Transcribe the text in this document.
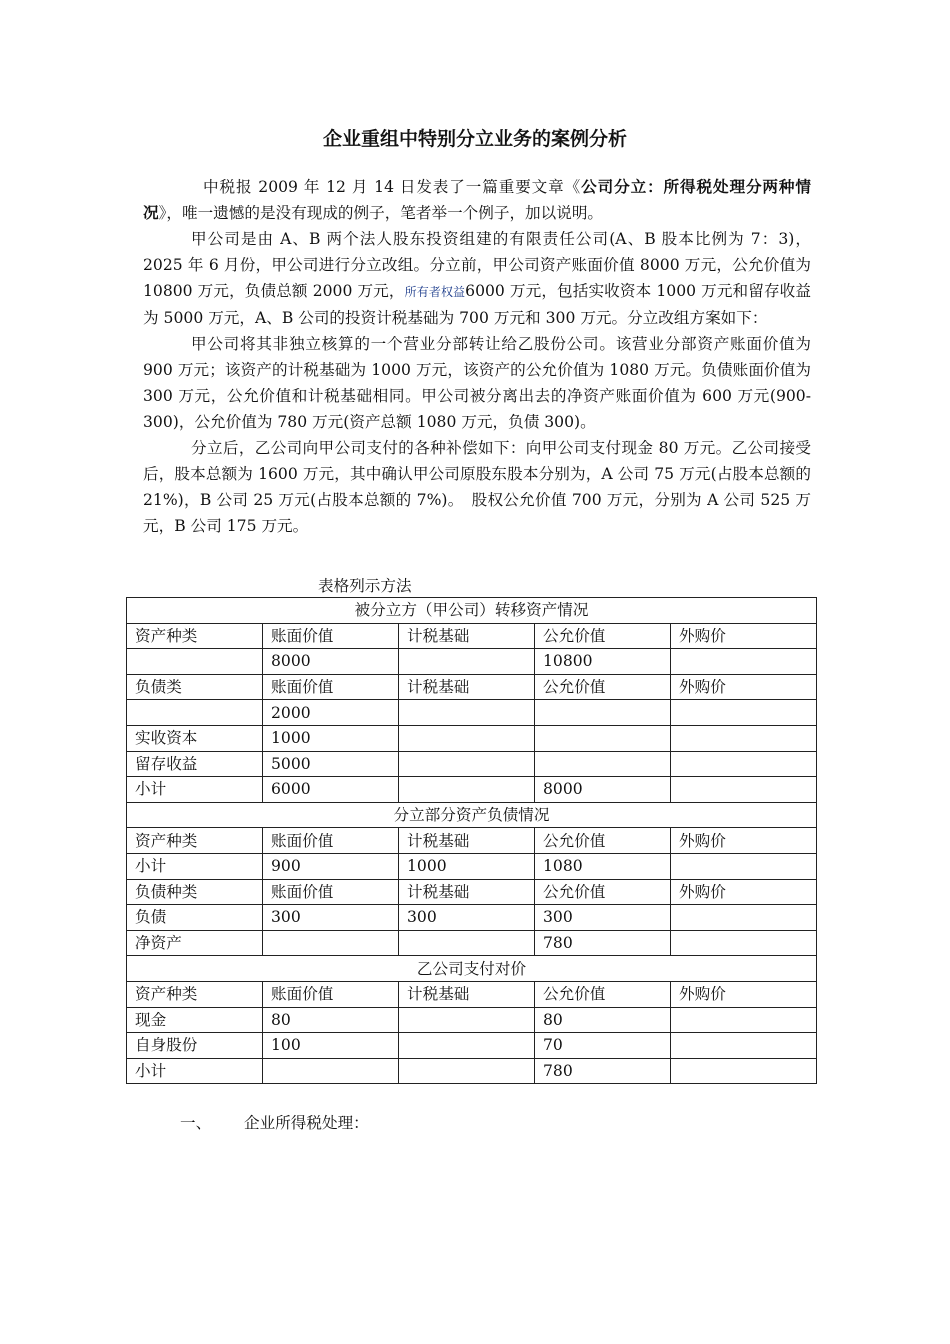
企业重组中特别分立业务的案例分析

中税报 2009 年 12 月 14 日发表了一篇重要文章《公司分立：所得税处理分两种情况》，唯一遗憾的是没有现成的例子，笔者举一个例子，加以说明。

甲公司是由 A、B 两个法人股东投资组建的有限责任公司(A、B 股本比例为 7：3)，2025 年 6 月份，甲公司进行分立改组。分立前，甲公司资产账面价值 8000 万元，公允价值为 10800 万元，负债总额 2000 万元，所有者权益6000 万元，包括实收资本 1000 万元和留存收益为 5000 万元，A、B 公司的投资计税基础为 700 万元和 300 万元。分立改组方案如下：

甲公司将其非独立核算的一个营业分部转让给乙股份公司。该营业分部资产账面价值为 900 万元；该资产的计税基础为 1000 万元，该资产的公允价值为 1080 万元。负债账面价值为 300 万元，公允价值和计税基础相同。甲公司被分离出去的净资产账面价值为 600 万元(900-300)，公允价值为 780 万元(资产总额 1080 万元，负债 300)。

分立后，乙公司向甲公司支付的各种补偿如下：向甲公司支付现金 80 万元。乙公司接受后，股本总额为 1600 万元，其中确认甲公司原股东股本分别为，A 公司 75 万元(占股本总额的 21%)，B 公司 25 万元(占股本总额的 7%)。　股权公允价值 700 万元，分别为 A 公司 525 万元，B 公司 175 万元。

表格列示方法
被分立方（甲公司）转移资产情况				
资产种类	账面价值	计税基础	公允价值	外购价
	8000		10800	
负债类	账面价值	计税基础	公允价值	外购价
	2000			
实收资本	1000			
留存收益	5000			
小计	6000		8000	
分立部分资产负债情况				
资产种类	账面价值	计税基础	公允价值	外购价
小计	900	1000	1080	
负债种类	账面价值	计税基础	公允价值	外购价
负债	300	300	300	
净资产			780	
乙公司支付对价				
资产种类	账面价值	计税基础	公允价值	外购价
现金	80		80	
自身股份	100		70	
小计			780	
一、 企业所得税处理：
